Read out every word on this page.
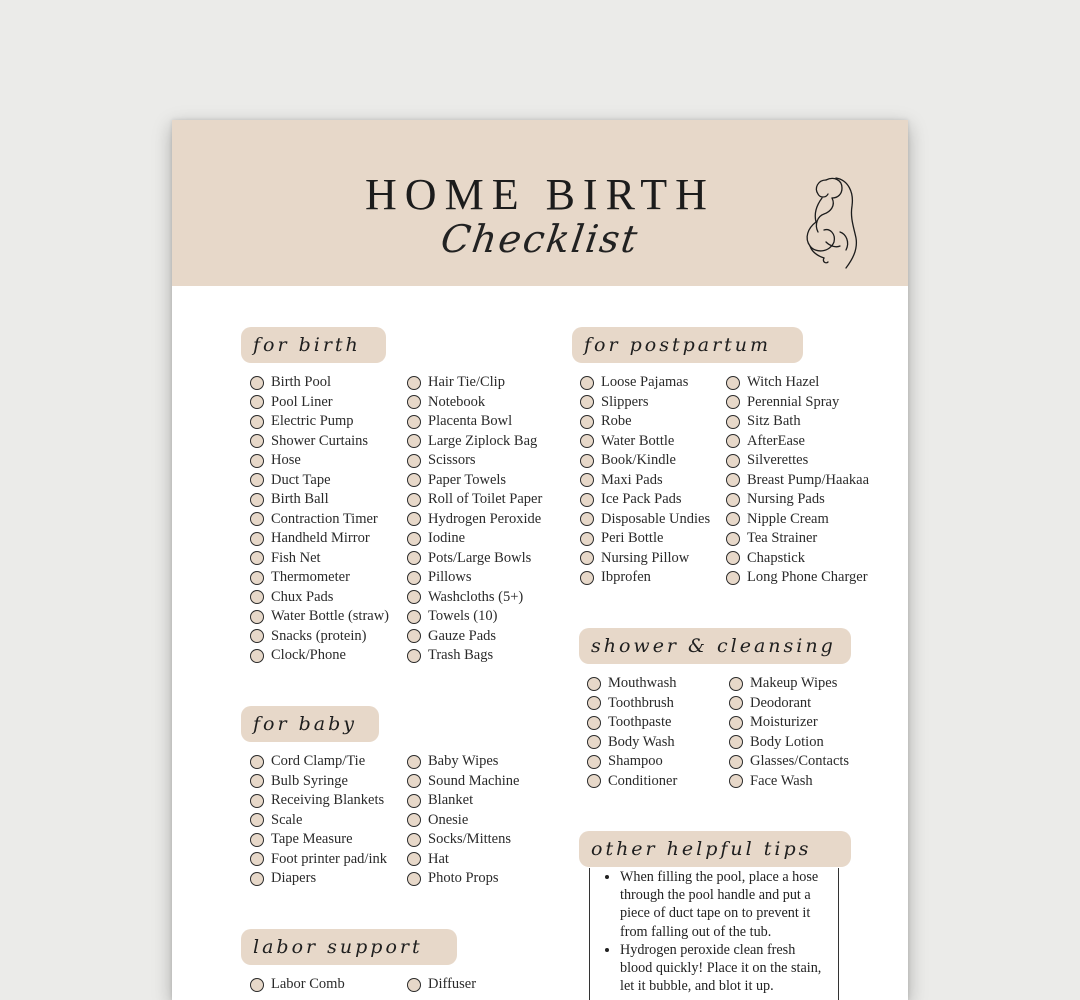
HOME BIRTH
Checklist
for birth
Birth Pool
Pool Liner
Electric Pump
Shower Curtains
Hose
Duct Tape
Birth Ball
Contraction Timer
Handheld Mirror
Fish Net
Thermometer
Chux Pads
Water Bottle (straw)
Snacks (protein)
Clock/Phone
Hair Tie/Clip
Notebook
Placenta Bowl
Large Ziplock Bag
Scissors
Paper Towels
Roll of Toilet Paper
Hydrogen Peroxide
Iodine
Pots/Large Bowls
Pillows
Washcloths (5+)
Towels (10)
Gauze Pads
Trash Bags
for postpartum
Loose Pajamas
Slippers
Robe
Water Bottle
Book/Kindle
Maxi Pads
Ice Pack Pads
Disposable Undies
Peri Bottle
Nursing Pillow
Ibprofen
Witch Hazel
Perennial Spray
Sitz Bath
AfterEase
Silverettes
Breast Pump/Haakaa
Nursing Pads
Nipple Cream
Tea Strainer
Chapstick
Long Phone Charger
for baby
Cord Clamp/Tie
Bulb Syringe
Receiving Blankets
Scale
Tape Measure
Foot printer pad/ink
Diapers
Baby Wipes
Sound Machine
Blanket
Onesie
Socks/Mittens
Hat
Photo Props
shower & cleansing
Mouthwash
Toothbrush
Toothpaste
Body Wash
Shampoo
Conditioner
Makeup Wipes
Deodorant
Moisturizer
Body Lotion
Glasses/Contacts
Face Wash
other helpful tips
• When filling the pool, place a hose through the pool handle and put a piece of duct tape on to prevent it from falling out of the tub.
• Hydrogen peroxide clean fresh blood quickly! Place it on the stain, let it bubble, and blot it up.
labor support
Labor Comb	Diffuser
